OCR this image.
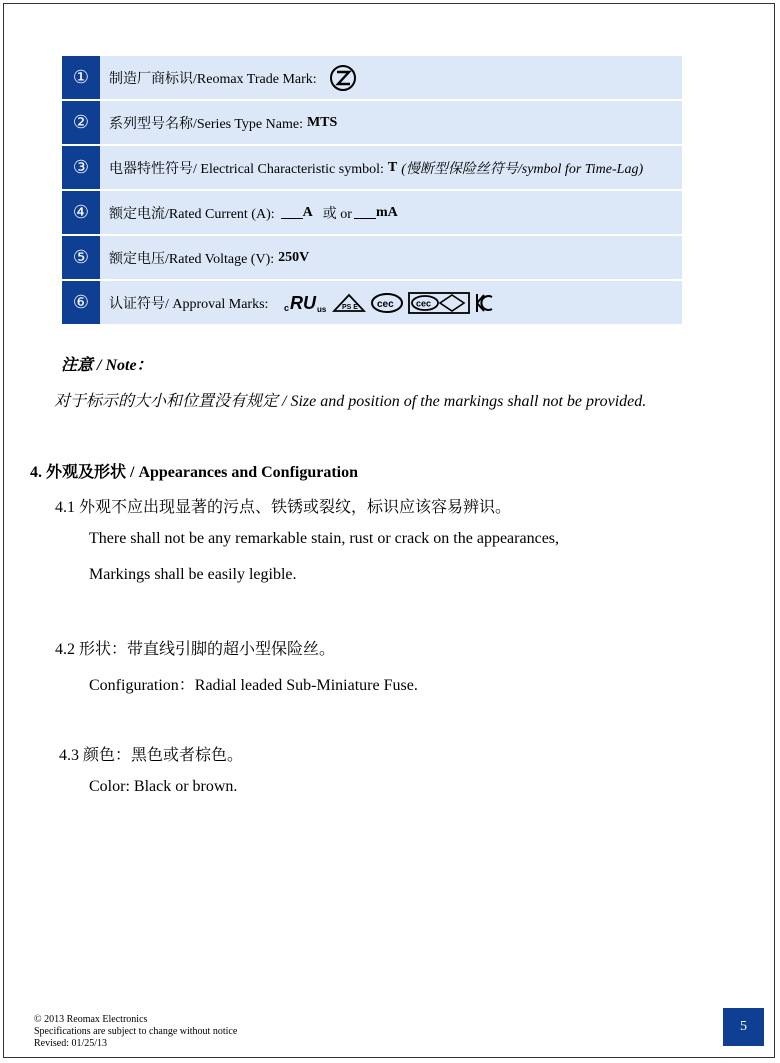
①	制造厂商标识/Reomax Trade Mark:
②	系列型号名称/Series Type Name: MTS
③	电器特性符号/ Electrical Characteristic symbol: T (慢断型保险丝符号/symbol for Time-Lag)
④	额定电流/Rated Current (A): A 或 or mA
⑤	额定电压/Rated Voltage (V): 250V
⑥	认证符号/ Approval Marks: c RU us PS E cec cec
注意 / Note：
对于标示的大小和位置没有规定 / Size and position of the markings shall not be provided.
4. 外观及形状 / Appearances and Configuration
4.1 外观不应出现显著的污点、铁锈或裂纹，标识应该容易辨识。
There shall not be any remarkable stain, rust or crack on the appearances,
Markings shall be easily legible.
4.2 形状：带直线引脚的超小型保险丝。
Configuration：Radial leaded Sub-Miniature Fuse.
4.3 颜色：黑色或者棕色。
Color: Black or brown.
© 2013 Reomax Electronics
Specifications are subject to change without notice
Revised: 01/25/13
5
